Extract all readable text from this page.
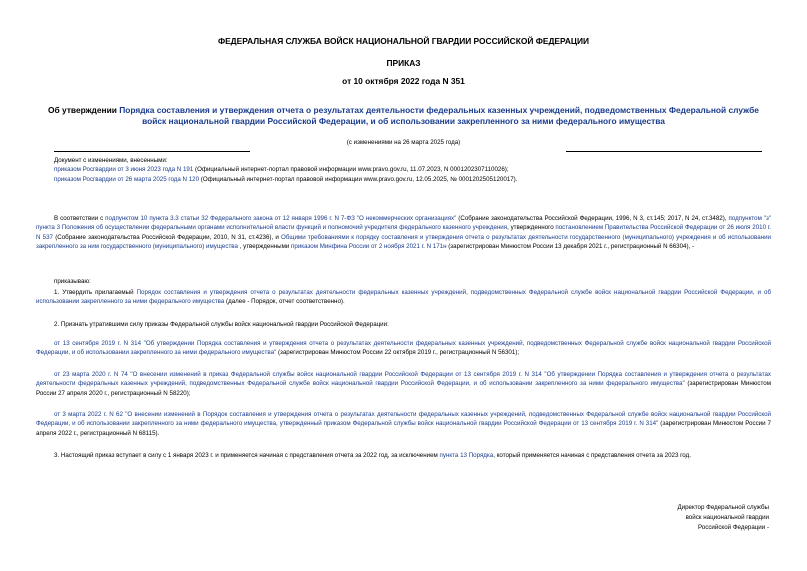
ФЕДЕРАЛЬНАЯ СЛУЖБА ВОЙСК НАЦИОНАЛЬНОЙ ГВАРДИИ РОССИЙСКОЙ ФЕДЕРАЦИИ
ПРИКАЗ
от 10 октября 2022 года N 351
Об утверждении Порядка составления и утверждения отчета о результатах деятельности федеральных казенных учреждений, подведомственных Федеральной службе войск национальной гвардии Российской Федерации, и об использовании закрепленного за ними федерального имущества
(с изменениями на 26 марта 2025 года)
Документ с изменениями, внесенными:
приказом Росгвардии от 3 июня 2023 года N 191 (Официальный интернет-портал правовой информации www.pravo.gov.ru, 11.07.2023, N 0001202307110026);
приказом Росгвардии от 26 марта 2025 года N 120 (Официальный интернет-портал правовой информации www.pravo.gov.ru, 12.05.2025, № 0001202505120017).
В соответствии с подпунктом 10 пункта 3.3 статьи 32 Федерального закона от 12 января 1996 г. N 7-ФЗ "О некоммерческих организациях" (Собрание законодательства Российской Федерации, 1996, N 3, ст.145; 2017, N 24, ст.3482), подпунктом "з" пункта 3 Положения об осуществлении федеральными органами исполнительной власти функций и полномочий учредителя федерального казенного учреждения, утвержденного постановлением Правительства Российской Федерации от 26 июля 2010 г. N 537 (Собрание законодательства Российской Федерации, 2010, N 31, ст.4236), и Общими требованиями к порядку составления и утверждения отчета о результатах деятельности государственного (муниципального) учреждения и об использовании закрепленного за ним государственного (муниципального) имущества , утвержденными приказом Минфина России от 2 ноября 2021 г. N 171н (зарегистрирован Минюстом России 13 декабря 2021 г., регистрационный N 66304), -
приказываю:
1. Утвердить прилагаемый Порядок составления и утверждения отчета о результатах деятельности федеральных казенных учреждений, подведомственных Федеральной службе войск национальной гвардии Российской Федерации, и об использовании закрепленного за ними федерального имущества (далее - Порядок, отчет соответственно).
2. Признать утратившими силу приказы Федеральной службы войск национальной гвардии Российской Федерации:
от 13 сентября 2019 г. N 314 "Об утверждении Порядка составления и утверждения отчета о результатах деятельности федеральных казенных учреждений, подведомственных Федеральной службе войск национальной гвардии Российской Федерации, и об использовании закрепленного за ними федерального имущества" (зарегистрирован Минюстом России 22 октября 2019 г., регистрационный N 56301);
от 23 марта 2020 г. N 74 "О внесении изменений в приказ Федеральной службы войск национальной гвардии Российской Федерации от 13 сентября 2019 г. N 314 "Об утверждении Порядка составления и утверждения отчета о результатах деятельности федеральных казенных учреждений, подведомственных Федеральной службе войск национальной гвардии Российской Федерации, и об использовании закрепленного за ними федерального имущества" (зарегистрирован Минюстом России 27 апреля 2020 г., регистрационный N 58220);
от 3 марта 2022 г. N 62 "О внесении изменений в Порядок составления и утверждения отчета о результатах деятельности федеральных казенных учреждений, подведомственных Федеральной службе войск национальной гвардии Российской Федерации, и об использовании закрепленного за ними федерального имущества, утвержденный приказом Федеральной службы войск национальной гвардии Российской Федерации от 13 сентября 2019 г. N 314" (зарегистрирован Минюстом России 7 апреля 2022 г., регистрационный N 68115).
3. Настоящий приказ вступает в силу с 1 января 2023 г. и применяется начиная с представления отчета за 2022 год, за исключением пункта 13 Порядка, который применяется начиная с представления отчета за 2023 год.
Директор Федеральной службы
войск национальной гвардии
Российской Федерации -
